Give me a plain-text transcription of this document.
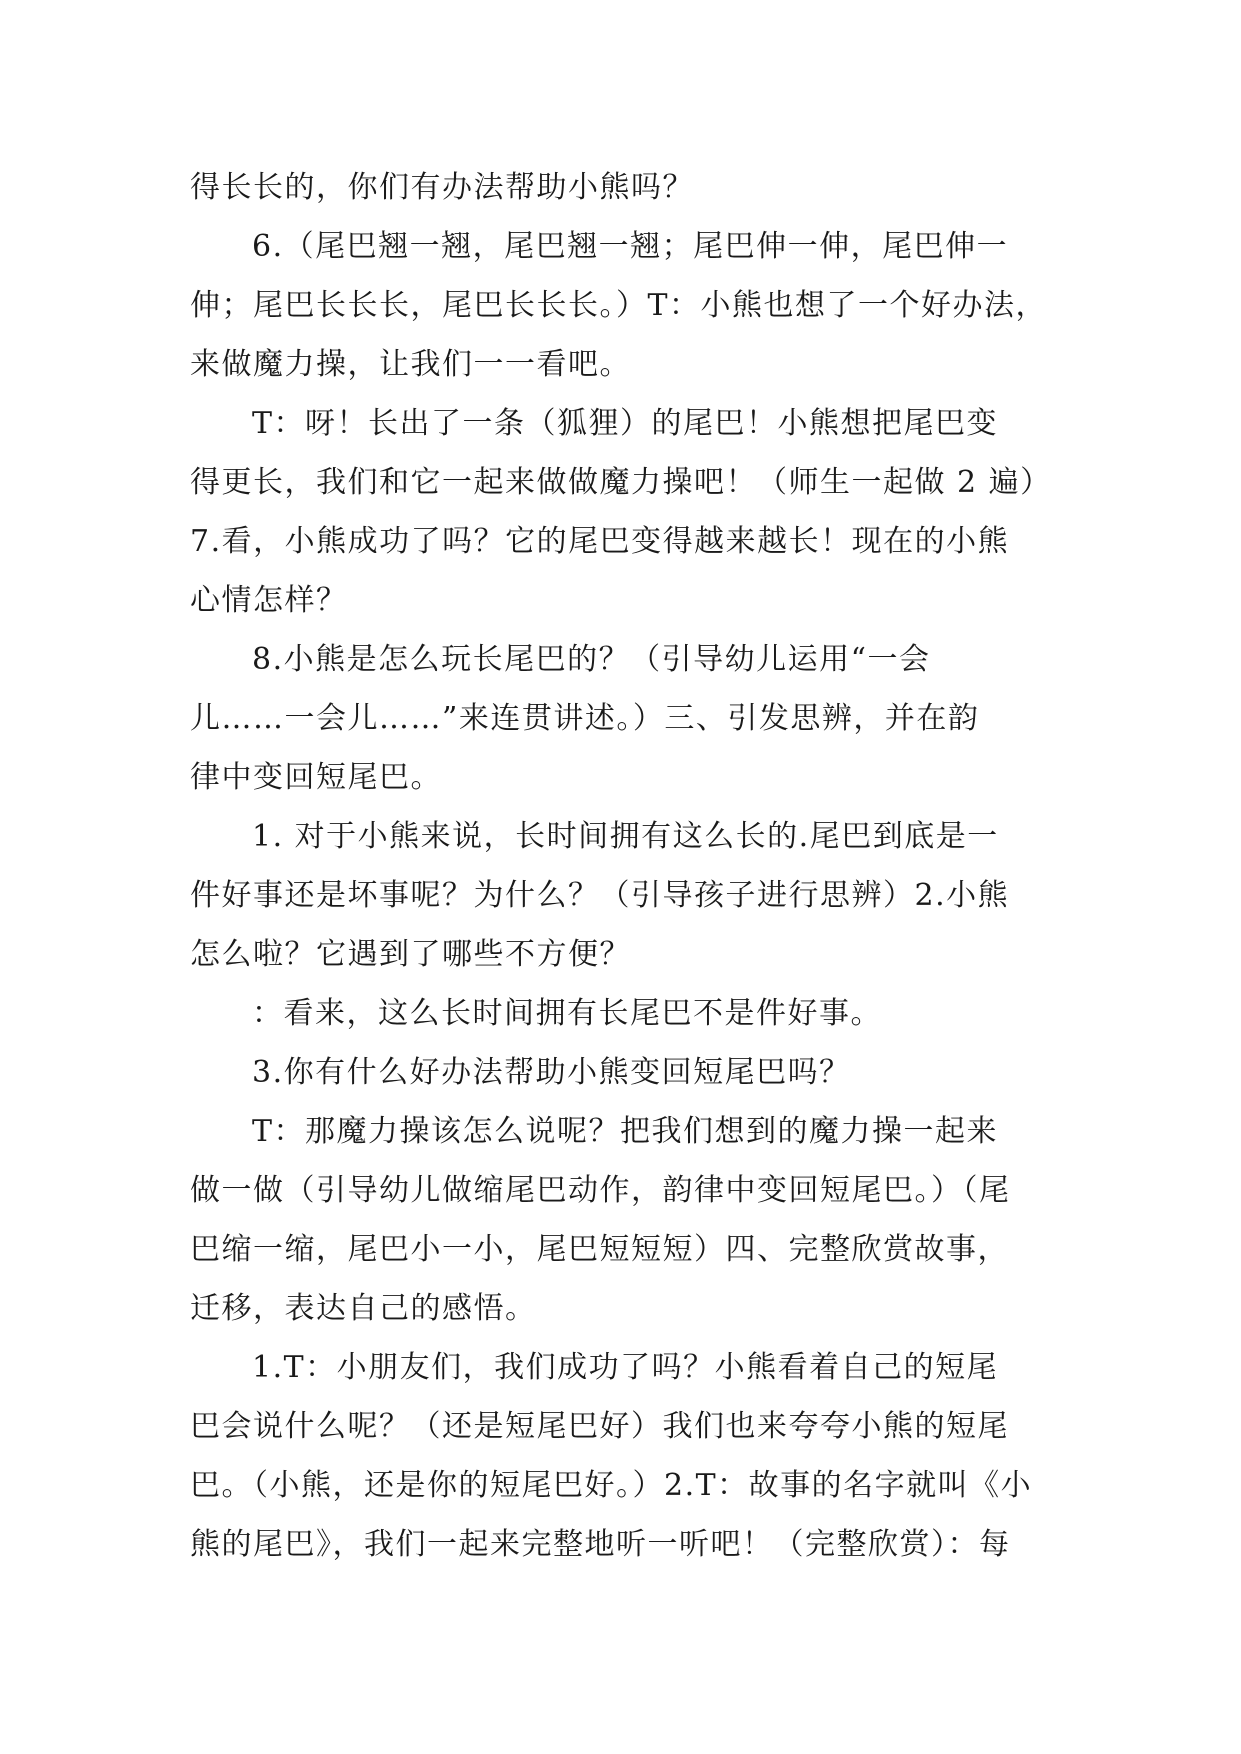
得长长的，你们有办法帮助小熊吗？
6.（尾巴翘一翘，尾巴翘一翘；尾巴伸一伸，尾巴伸一
伸；尾巴长长长，尾巴长长长。）T：小熊也想了一个好办法，
来做魔力操，让我们一一看吧。
T：呀！长出了一条（狐狸）的尾巴！小熊想把尾巴变
得更长，我们和它一起来做做魔力操吧！（师生一起做 2 遍）
7.看，小熊成功了吗？它的尾巴变得越来越长！现在的小熊
心情怎样？
8.小熊是怎么玩长尾巴的？（引导幼儿运用“一会
儿……一会儿……”来连贯讲述。）三、引发思辨，并在韵
律中变回短尾巴。
1. 对于小熊来说，长时间拥有这么长的.尾巴到底是一
件好事还是坏事呢？为什么？（引导孩子进行思辨）2.小熊
怎么啦？它遇到了哪些不方便？
：看来，这么长时间拥有长尾巴不是件好事。
3.你有什么好办法帮助小熊变回短尾巴吗？
T：那魔力操该怎么说呢？把我们想到的魔力操一起来
做一做（引导幼儿做缩尾巴动作，韵律中变回短尾巴。）（尾
巴缩一缩，尾巴小一小，尾巴短短短）四、完整欣赏故事，
迁移，表达自己的感悟。
1.T：小朋友们，我们成功了吗？小熊看着自己的短尾
巴会说什么呢？（还是短尾巴好）我们也来夸夸小熊的短尾
巴。（小熊，还是你的短尾巴好。）2.T：故事的名字就叫《小
熊的尾巴》，我们一起来完整地听一听吧！（完整欣赏）：每
